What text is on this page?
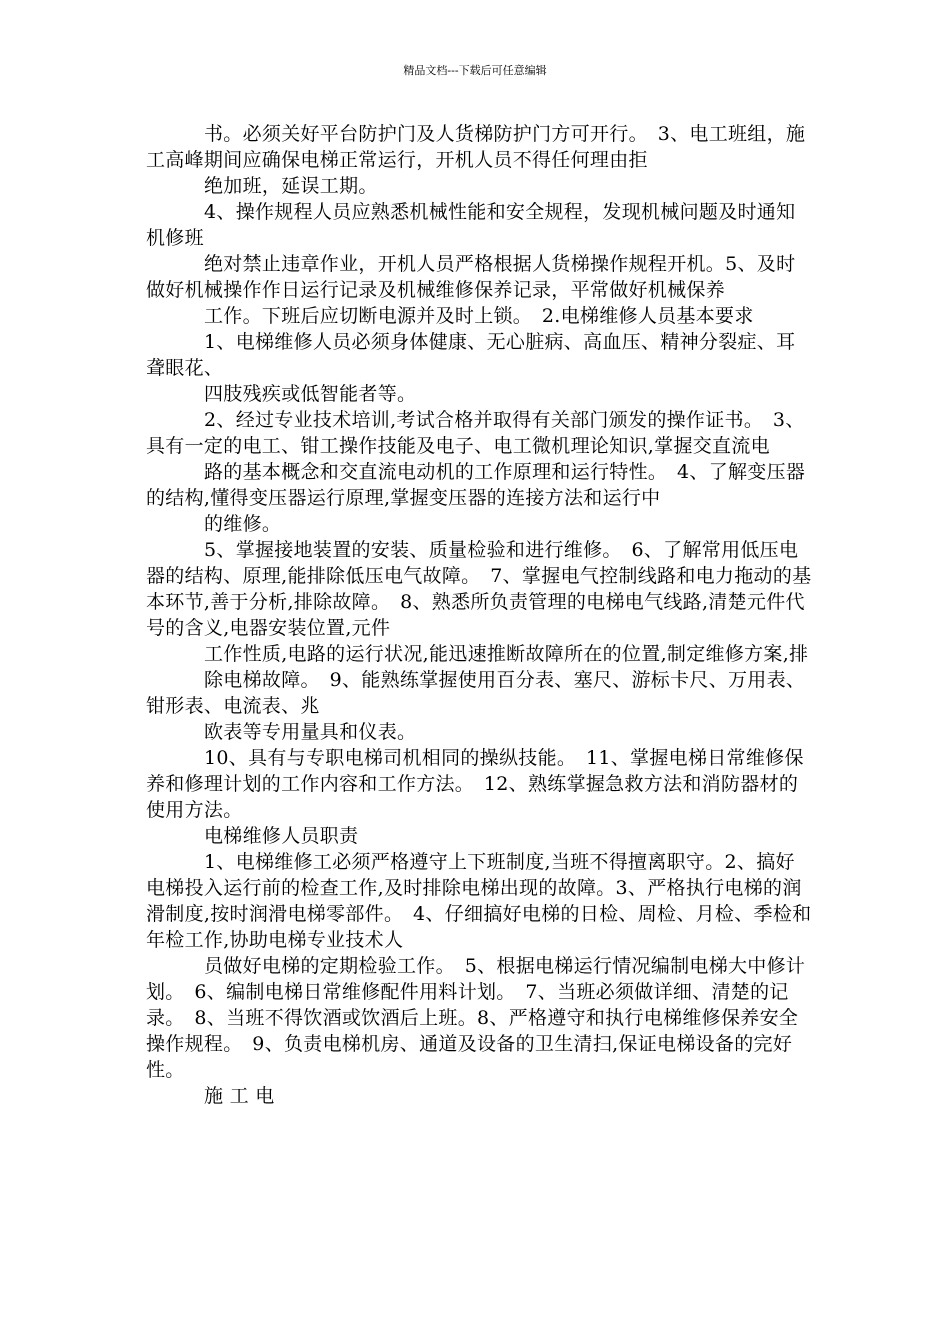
精品文档---下载后可任意编辑

书。必须关好平台防护门及人货梯防护门方可开行。　3、电工班组，施工高峰期间应确保电梯正常运行，开机人员不得任何理由拒

绝加班，延误工期。

4、操作规程人员应熟悉机械性能和安全规程，发现机械问题及时通知机修班

绝对禁止违章作业，开机人员严格根据人货梯操作规程开机。5、及时做好机械操作作日运行记录及机械维修保养记录，平常做好机械保养

工作。下班后应切断电源并及时上锁。　2.电梯维修人员基本要求

1、电梯维修人员必须身体健康、无心脏病、高血压、精神分裂症、耳聋眼花、

四肢残疾或低智能者等。

2、经过专业技术培训,考试合格并取得有关部门颁发的操作证书。　3、具有一定的电工、钳工操作技能及电子、电工微机理论知识,掌握交直流电

路的基本概念和交直流电动机的工作原理和运行特性。　4、了解变压器的结构,懂得变压器运行原理,掌握变压器的连接方法和运行中

的维修。

5、掌握接地装置的安装、质量检验和进行维修。　6、了解常用低压电器的结构、原理,能排除低压电气故障。　7、掌握电气控制线路和电力拖动的基本环节,善于分析,排除故障。　8、熟悉所负责管理的电梯电气线路,清楚元件代号的含义,电器安装位置,元件

工作性质,电路的运行状况,能迅速推断故障所在的位置,制定维修方案,排

除电梯故障。　9、能熟练掌握使用百分表、塞尺、游标卡尺、万用表、钳形表、电流表、兆

欧表等专用量具和仪表。

10、具有与专职电梯司机相同的操纵技能。　11、掌握电梯日常维修保养和修理计划的工作内容和工作方法。　12、熟练掌握急救方法和消防器材的使用方法。

电梯维修人员职责

1、电梯维修工必须严格遵守上下班制度,当班不得擅离职守。2、搞好电梯投入运行前的检查工作,及时排除电梯出现的故障。3、严格执行电梯的润滑制度,按时润滑电梯零部件。　4、仔细搞好电梯的日检、周检、月检、季检和年检工作,协助电梯专业技术人

员做好电梯的定期检验工作。　5、根据电梯运行情况编制电梯大中修计划。　6、编制电梯日常维修配件用料计划。　7、当班必须做详细、清楚的记录。　8、当班不得饮酒或饮酒后上班。8、严格遵守和执行电梯维修保养安全操作规程。　9、负责电梯机房、通道及设备的卫生清扫,保证电梯设备的完好性。

施 工 电
